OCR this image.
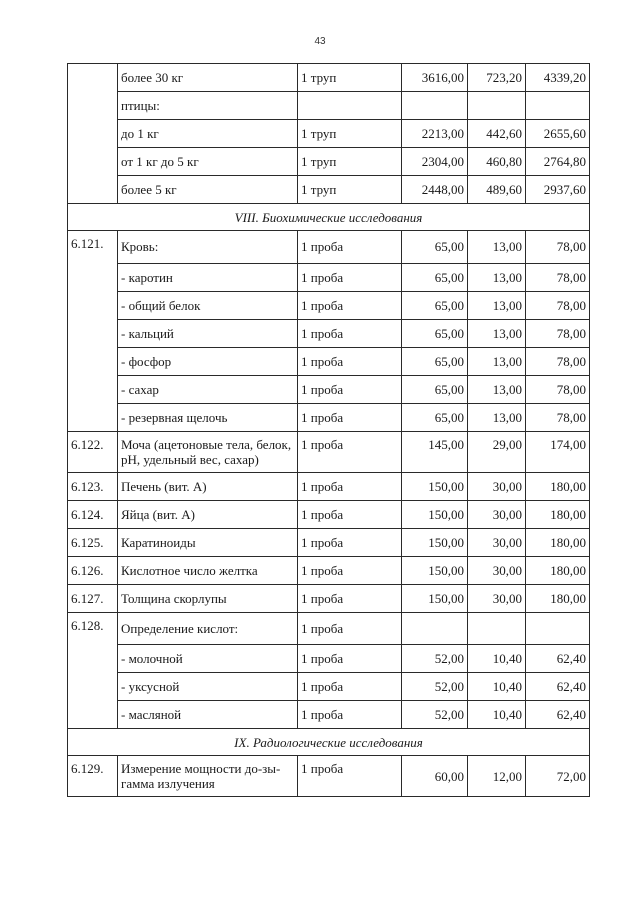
43
	более 30 кг	1 труп	3616,00	723,20	4339,20
	птицы:				
	до 1 кг	1 труп	2213,00	442,60	2655,60
	от 1 кг до 5 кг	1 труп	2304,00	460,80	2764,80
	более 5 кг	1 труп	2448,00	489,60	2937,60
VIII. Биохимические исследования					
6.121.	Кровь:	1 проба	65,00	13,00	78,00
	- каротин	1 проба	65,00	13,00	78,00
	- общий белок	1 проба	65,00	13,00	78,00
	- кальций	1 проба	65,00	13,00	78,00
	- фосфор	1 проба	65,00	13,00	78,00
	- сахар	1 проба	65,00	13,00	78,00
	- резервная щелочь	1 проба	65,00	13,00	78,00
6.122.	Моча (ацетоновые тела, белок, pH, удельный вес, сахар)	1 проба	145,00	29,00	174,00
6.123.	Печень (вит. А)	1 проба	150,00	30,00	180,00
6.124.	Яйца (вит. А)	1 проба	150,00	30,00	180,00
6.125.	Каратиноиды	1 проба	150,00	30,00	180,00
6.126.	Кислотное число желтка	1 проба	150,00	30,00	180,00
6.127.	Толщина скорлупы	1 проба	150,00	30,00	180,00
6.128.	Определение кислот:	1 проба			
	- молочной	1 проба	52,00	10,40	62,40
	- уксусной	1 проба	52,00	10,40	62,40
	- масляной	1 проба	52,00	10,40	62,40
IX. Радиологические исследования					
6.129.	Измерение мощности до-зы-гамма излучения	1 проба	60,00	12,00	72,00
